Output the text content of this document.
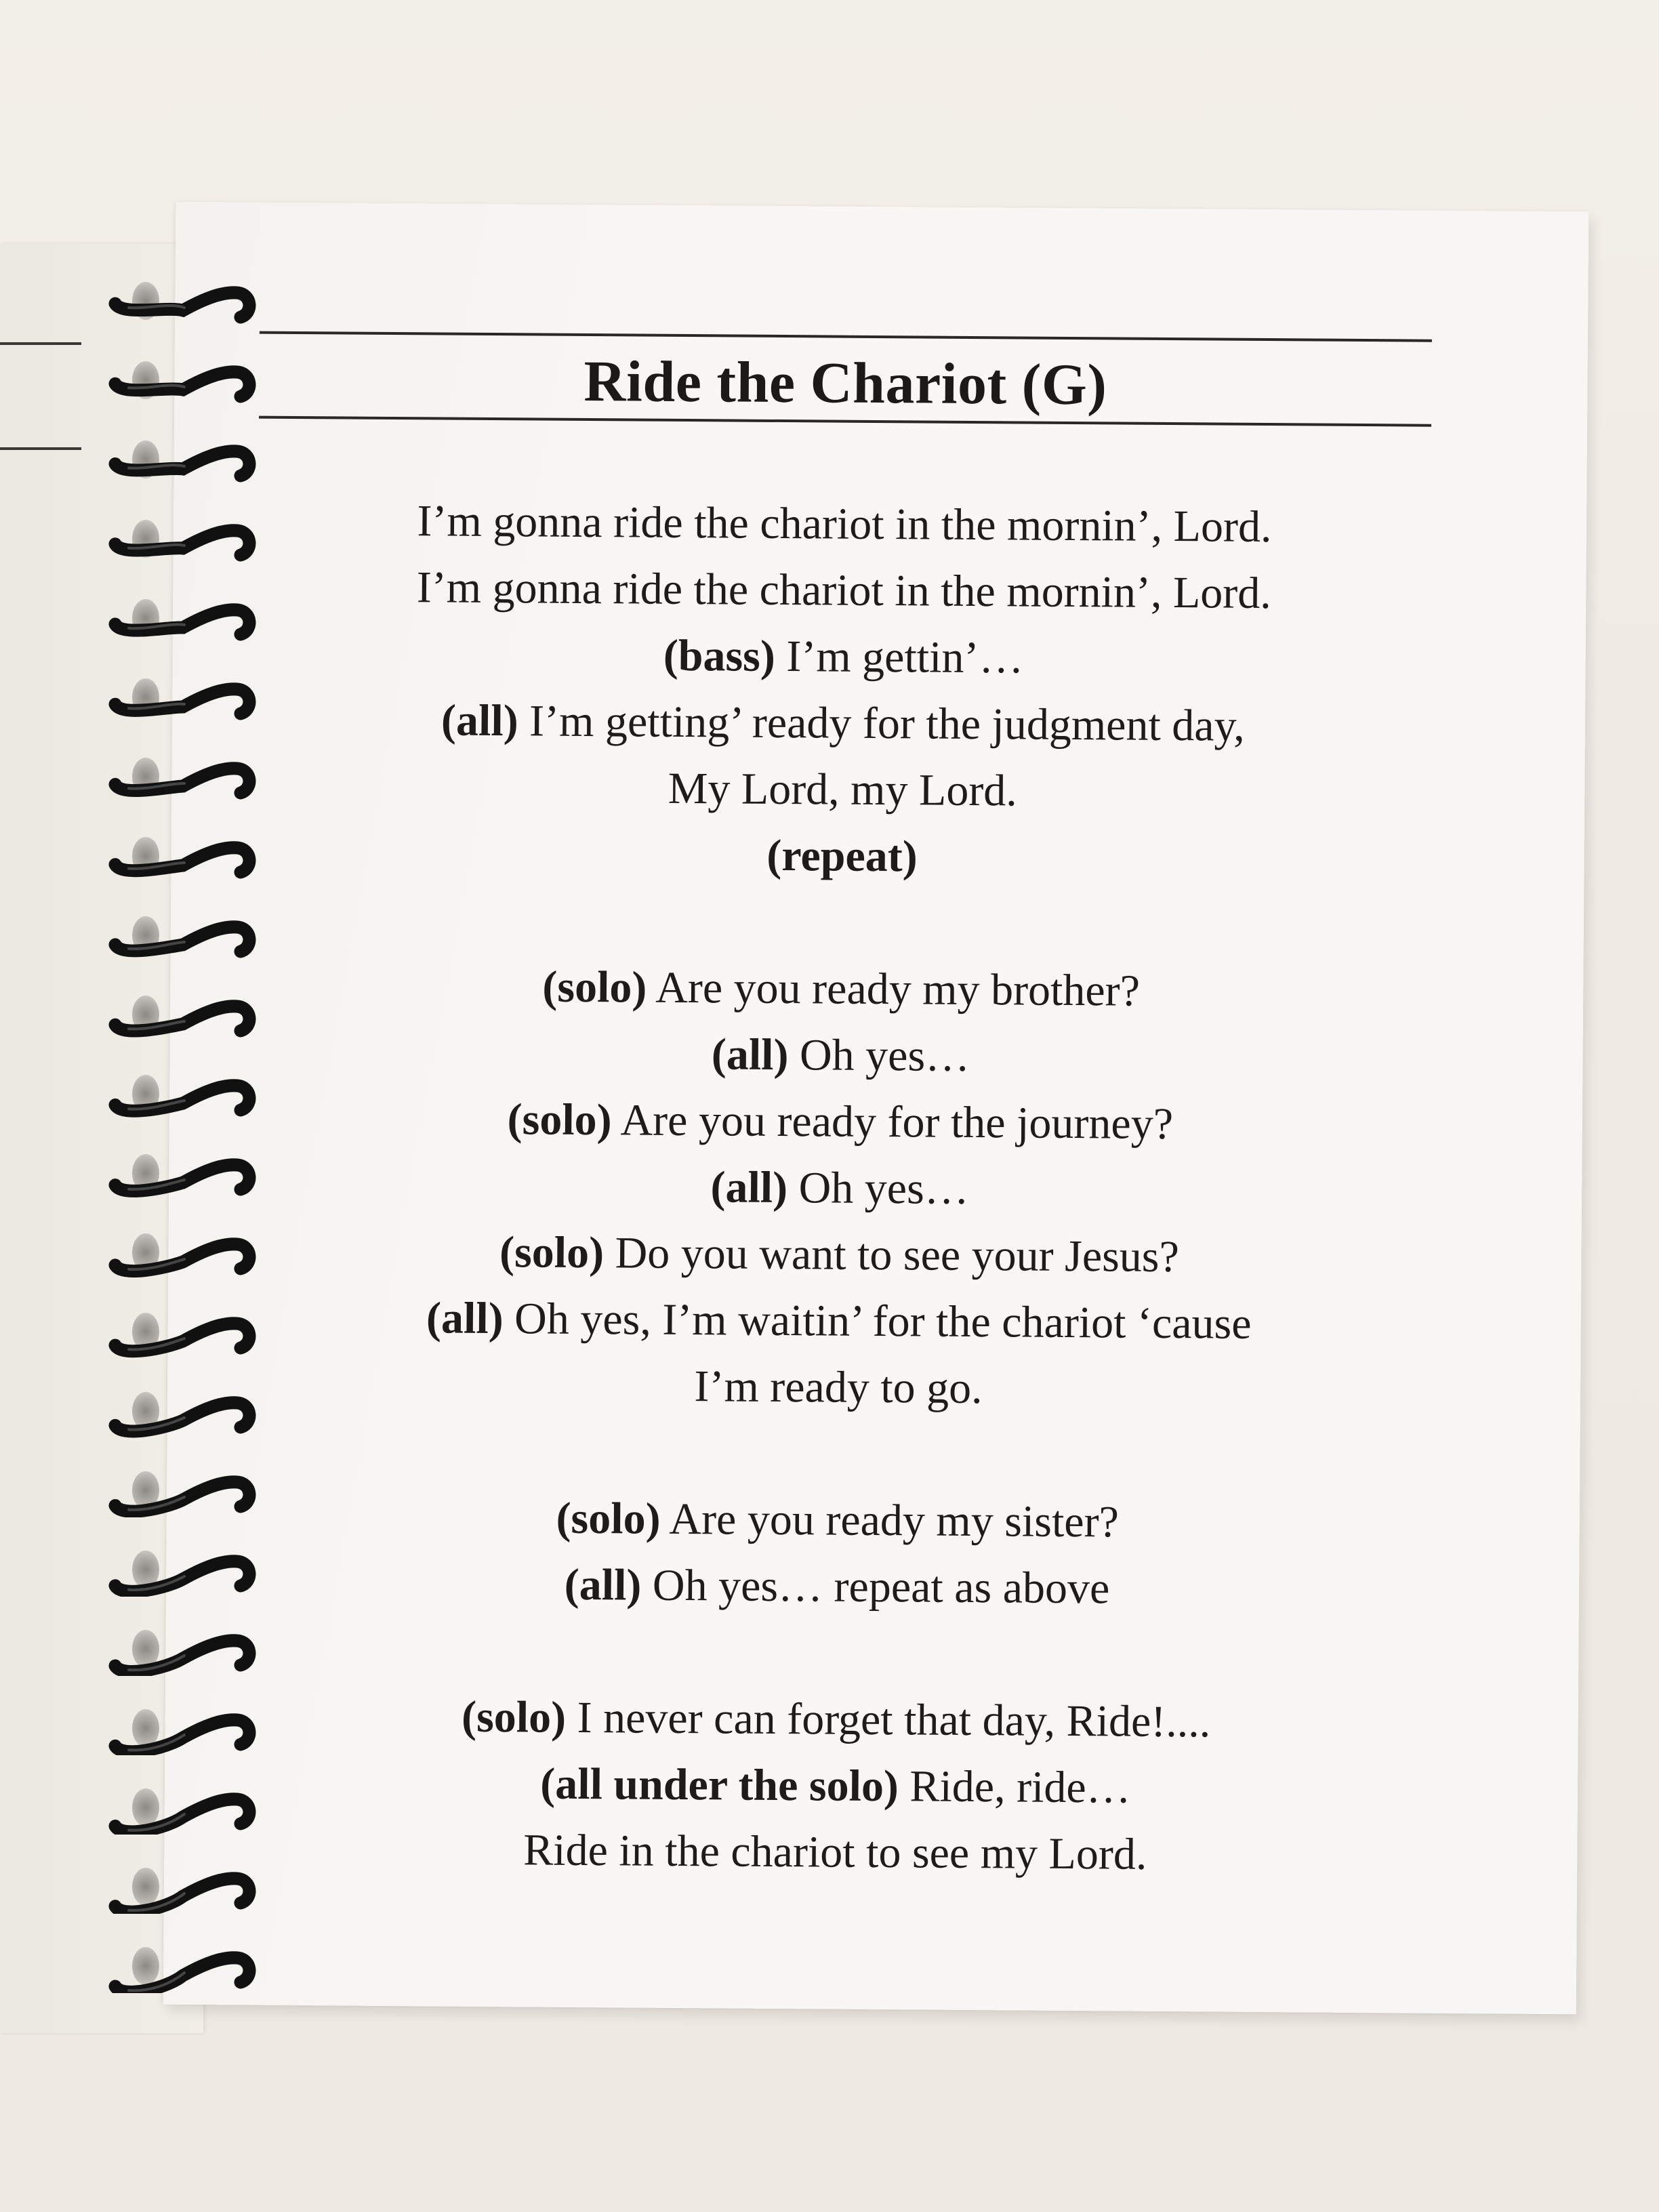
Ride the Chariot (G)
I’m gonna ride the chariot in the mornin’, Lord.
I’m gonna ride the chariot in the mornin’, Lord.
(bass) I’m gettin’…
(all) I’m getting’ ready for the judgment day,
My Lord, my Lord.
(repeat)
(solo) Are you ready my brother?
(all) Oh yes…
(solo) Are you ready for the journey?
(all) Oh yes…
(solo) Do you want to see your Jesus?
(all) Oh yes, I’m waitin’ for the chariot ‘cause
I’m ready to go.
(solo) Are you ready my sister?
(all) Oh yes… repeat as above
(solo) I never can forget that day, Ride!....
(all under the solo) Ride, ride…
Ride in the chariot to see my Lord.
